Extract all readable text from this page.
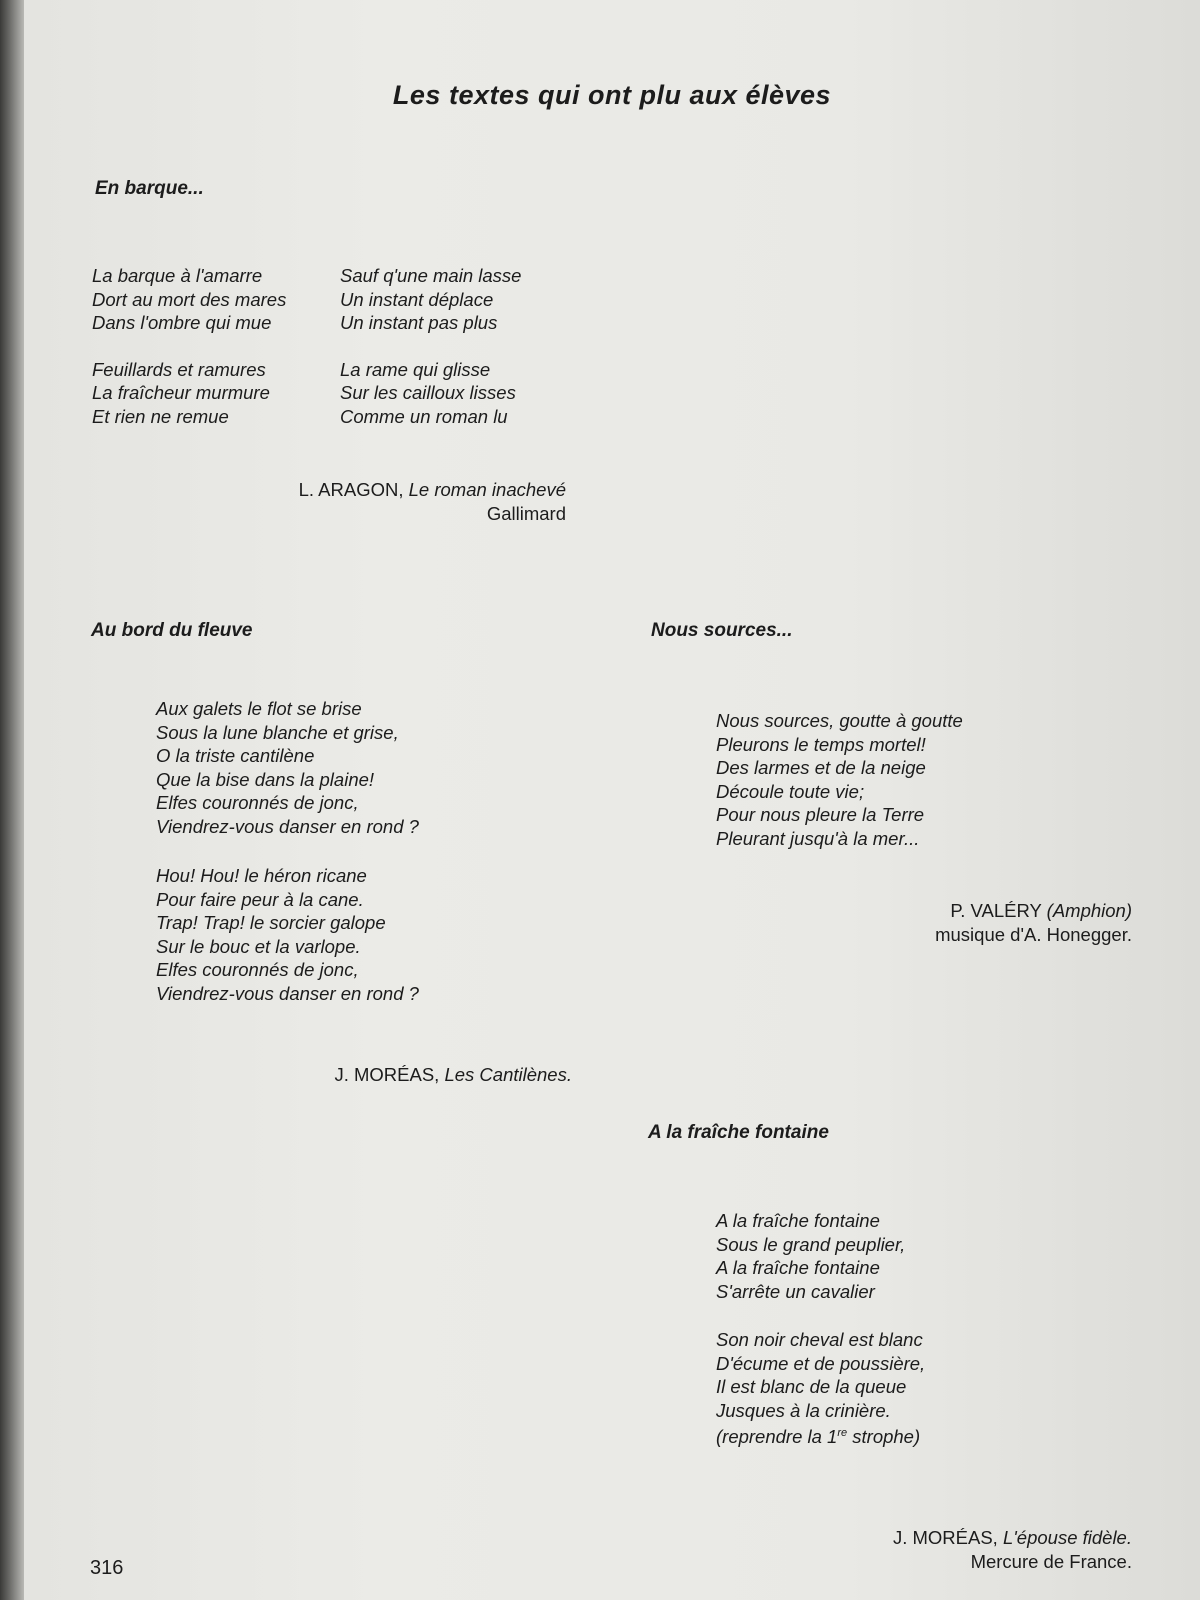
Les textes qui ont plu aux élèves
En barque...
La barque à l'amarre
Dort au mort des mares
Dans l'ombre qui mue
Feuillards et ramures
La fraîcheur murmure
Et rien ne remue
Sauf q'une main lasse
Un instant déplace
Un instant pas plus
La rame qui glisse
Sur les cailloux lisses
Comme un roman lu
L. ARAGON, Le roman inachevé
Gallimard
Au bord du fleuve
Aux galets le flot se brise
Sous la lune blanche et grise,
O la triste cantilène
Que la bise dans la plaine!
Elfes couronnés de jonc,
Viendrez-vous danser en rond ?
Hou! Hou! le héron ricane
Pour faire peur à la cane.
Trap! Trap! le sorcier galope
Sur le bouc et la varlope.
Elfes couronnés de jonc,
Viendrez-vous danser en rond ?
J. MORÉAS, Les Cantilènes.
Nous sources...
Nous sources, goutte à goutte
Pleurons le temps mortel!
Des larmes et de la neige
Découle toute vie;
Pour nous pleure la Terre
Pleurant jusqu'à la mer...
P. VALÉRY (Amphion)
musique d'A. Honegger.
A la fraîche fontaine
A la fraîche fontaine
Sous le grand peuplier,
A la fraîche fontaine
S'arrête un cavalier
Son noir cheval est blanc
D'écume et de poussière,
Il est blanc de la queue
Jusques à la crinière.
(reprendre la 1re strophe)
J. MORÉAS, L'épouse fidèle.
Mercure de France.
316
